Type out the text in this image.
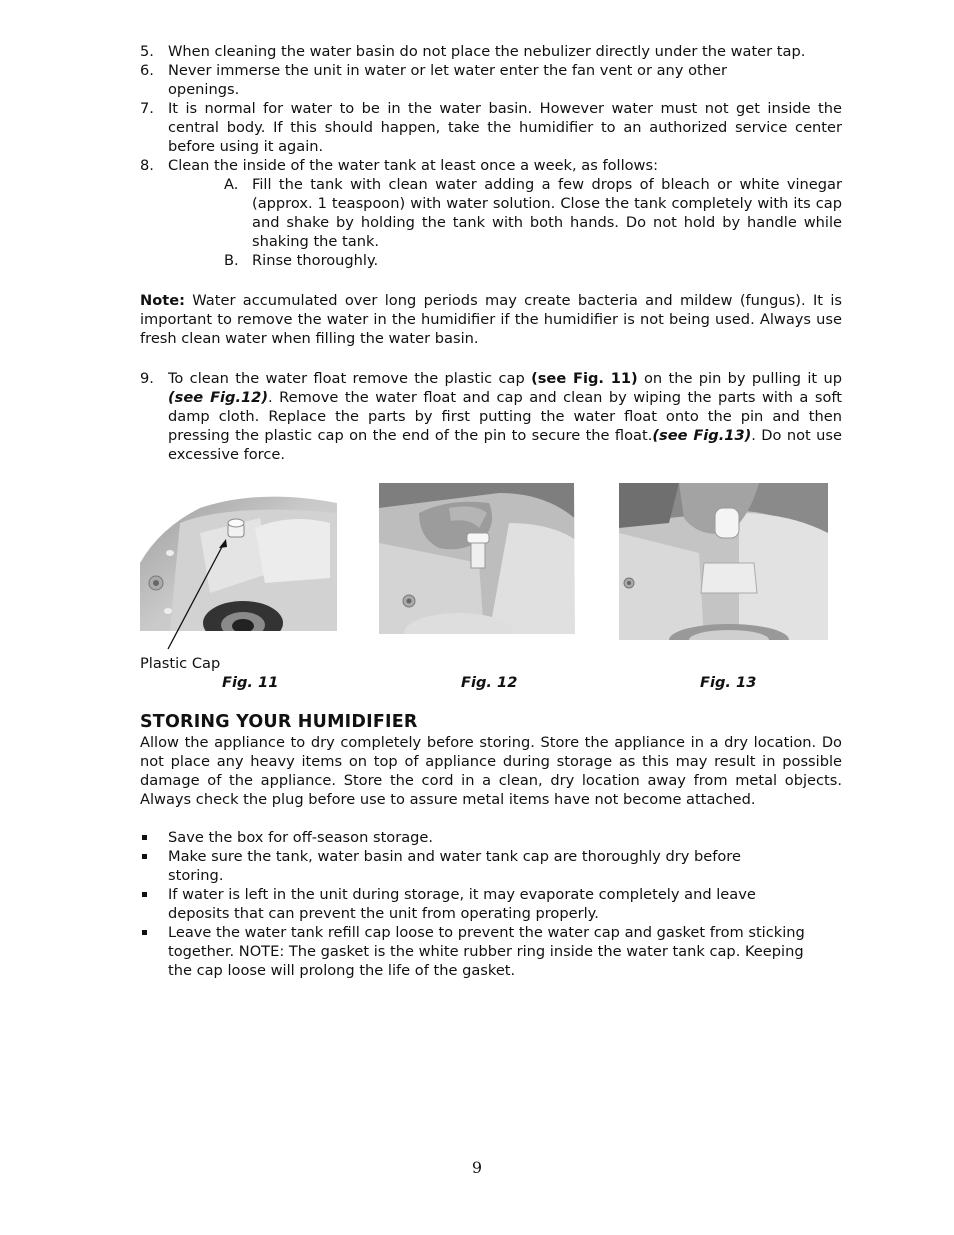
5. When cleaning the water basin do not place the nebulizer directly under the water tap.
6. Never immerse the unit in water or let water enter the fan vent or any other openings.
7. It is normal for water to be in the water basin. However water must not get inside the central body. If this should happen, take the humidifier to an authorized service center before using it again.
8. Clean the inside of the water tank at least once a week, as follows:
A. Fill the tank with clean water adding a few drops of bleach or white vinegar (approx. 1 teaspoon) with water solution. Close the tank completely with its cap and shake by holding the tank with both hands. Do not hold by handle while shaking the tank.
B. Rinse thoroughly.

Note: Water accumulated over long periods may create bacteria and mildew (fungus). It is important to remove the water in the humidifier if the humidifier is not being used. Always use fresh clean water when filling the water basin.

9. To clean the water float remove the plastic cap (see Fig. 11) on the pin by pulling it up (see Fig.12). Remove the water float and cap and clean by wiping the parts with a soft damp cloth. Replace the parts by first putting the water float onto the pin and then pressing the plastic cap on the end of the pin to secure the float.(see Fig.13). Do not use excessive force.
Plastic Cap
Fig. 11	Fig. 12	Fig. 13
STORING YOUR HUMIDIFIER

Allow the appliance to dry completely before storing. Store the appliance in a dry location. Do not place any heavy items on top of appliance during storage as this may result in possible damage of the appliance. Store the cord in a clean, dry location away from metal objects. Always check the plug before use to assure metal items have not become attached.

Save the box for off-season storage.
Make sure the tank, water basin and water tank cap are thoroughly dry before storing.
If water is left in the unit during storage, it may evaporate completely and leave deposits that can prevent the unit from operating properly.
Leave the water tank refill cap loose to prevent the water cap and gasket from sticking together. NOTE: The gasket is the white rubber ring inside the water tank cap. Keeping the cap loose will prolong the life of the gasket.
9
